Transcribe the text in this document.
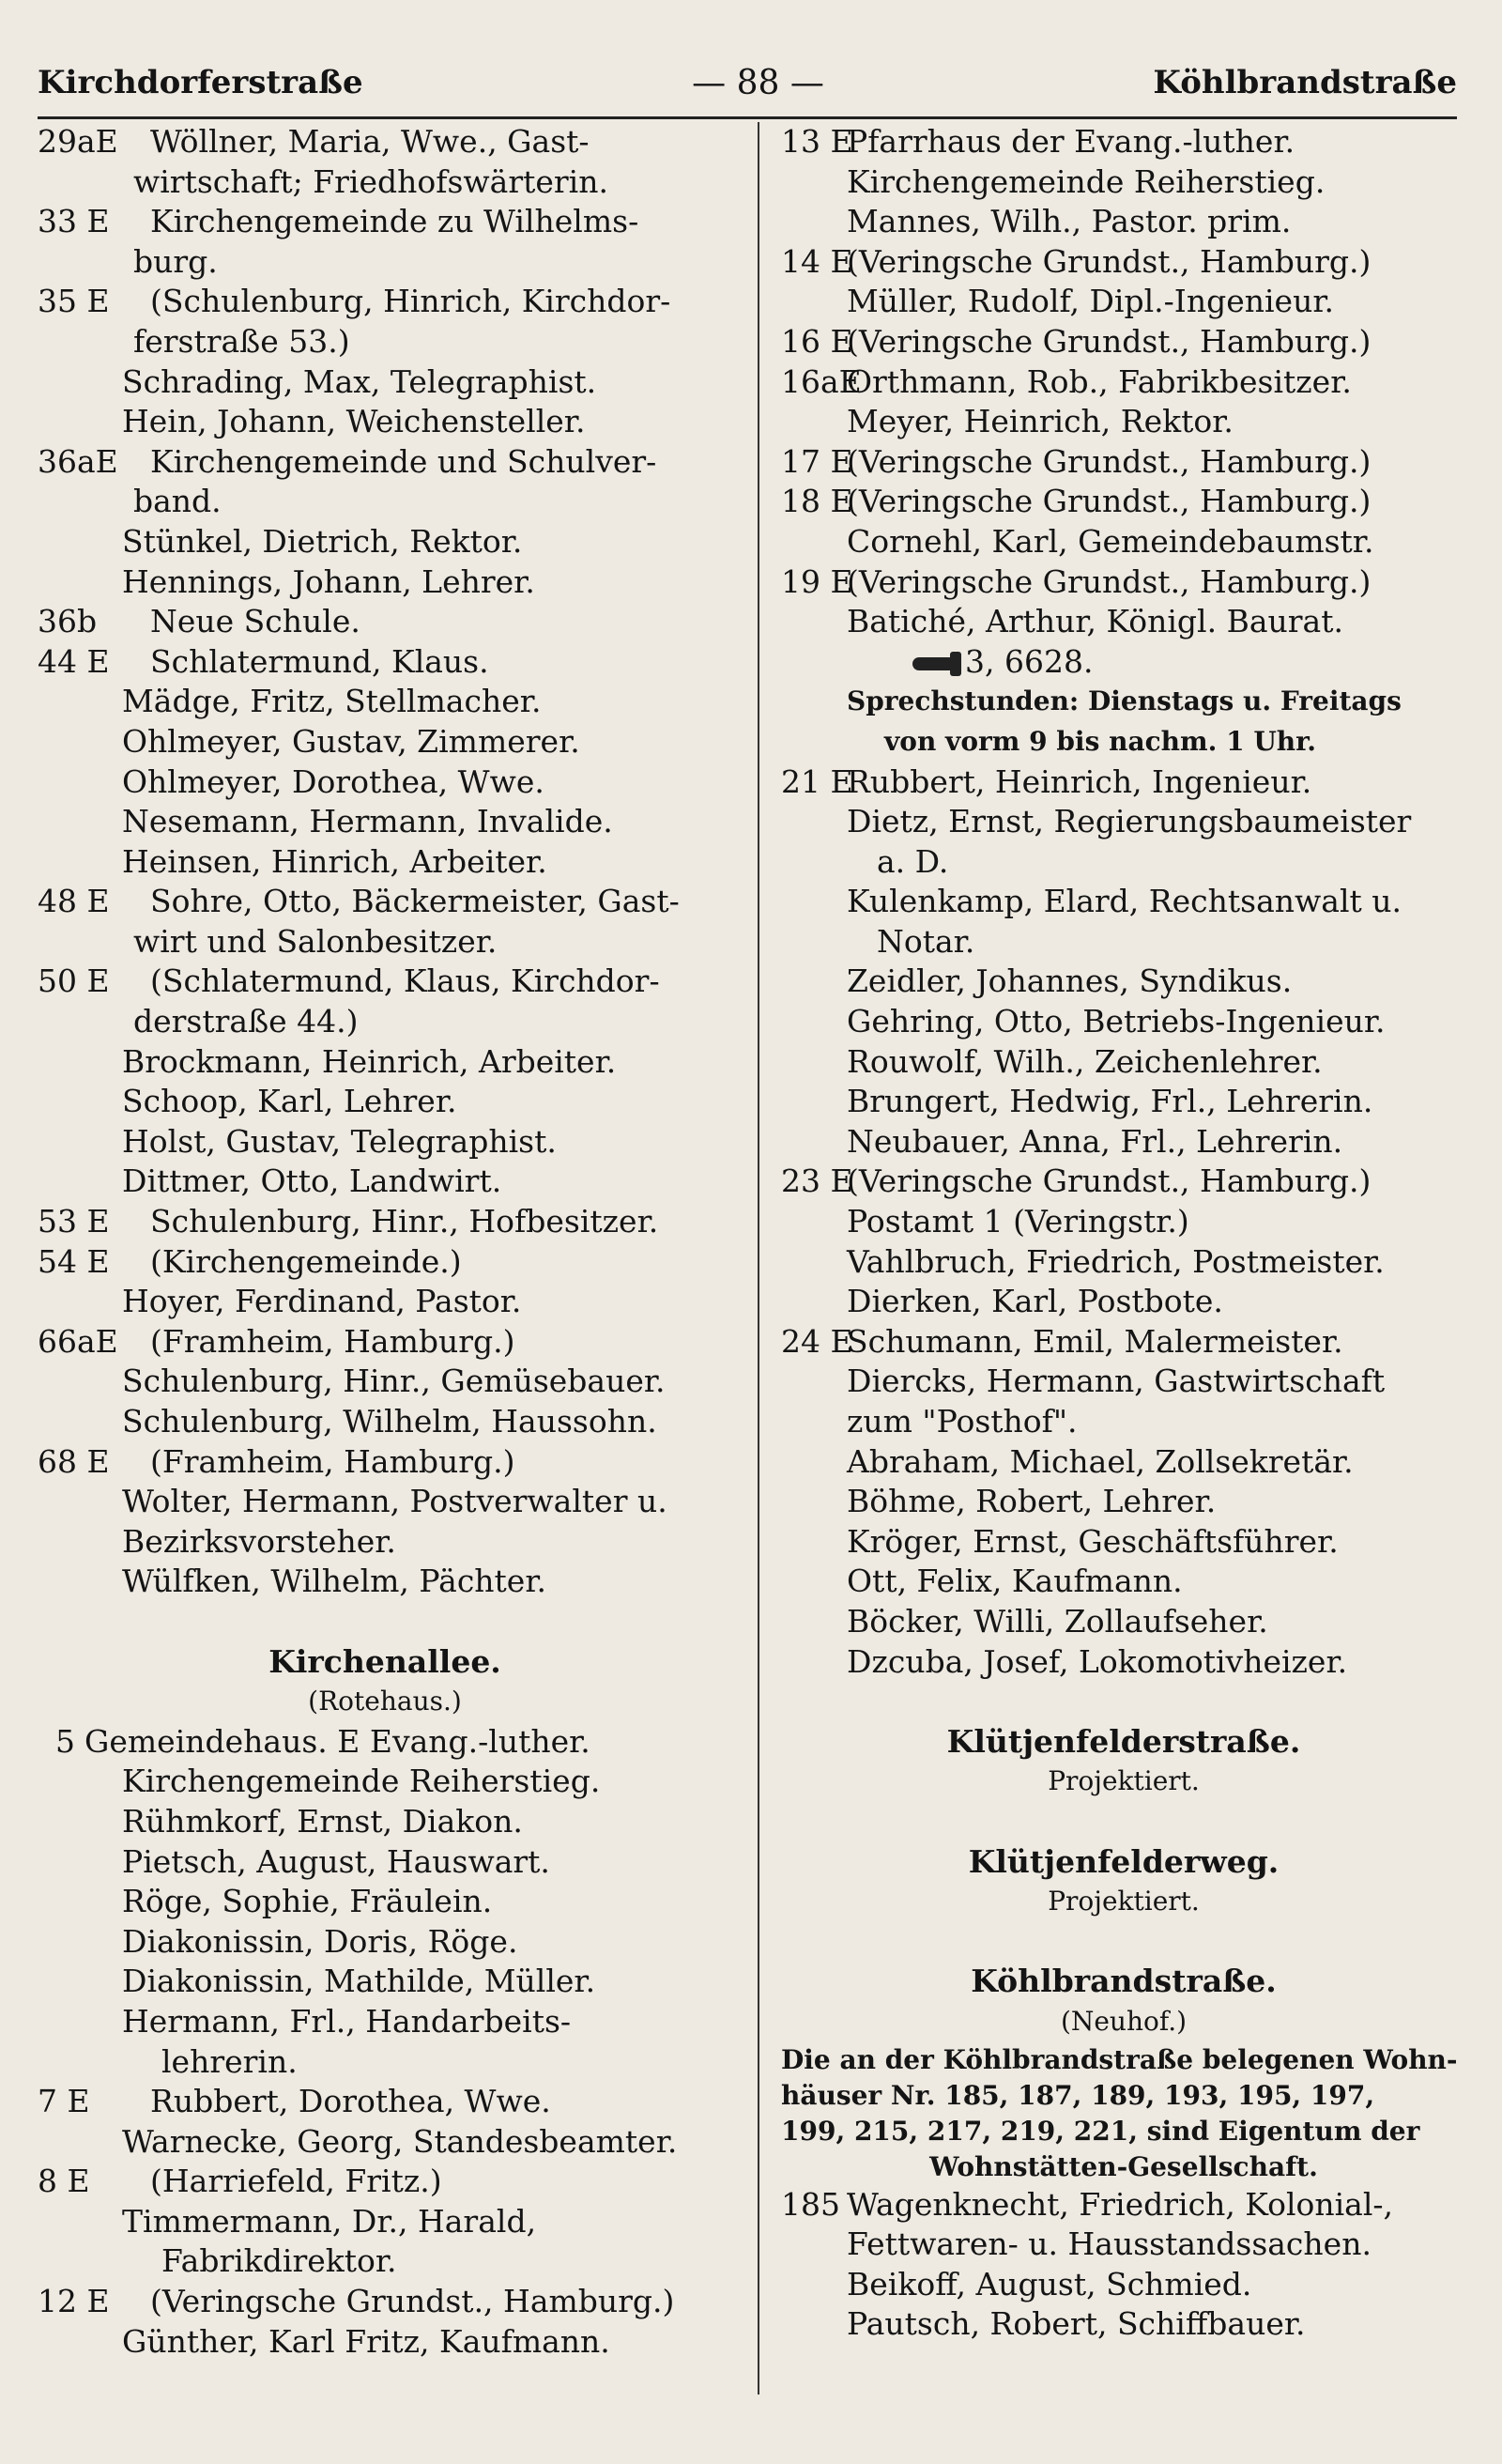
Kirchdorferstraße	— 88 —	Köhlbrandstraße
29aE Wöllner, Maria, Wwe., Gast-
wirtschaft; Friedhofswärterin.
33 E Kirchengemeinde zu Wilhelms-
burg.
35 E (Schulenburg, Hinrich, Kirchdor-
ferstraße 53.)
Schrading, Max, Telegraphist.
Hein, Johann, Weichensteller.
36aE Kirchengemeinde und Schulver-
band.
Stünkel, Dietrich, Rektor.
Hennings, Johann, Lehrer.
36b Neue Schule.
44 E Schlatermund, Klaus.
Mädge, Fritz, Stellmacher.
Ohlmeyer, Gustav, Zimmerer.
Ohlmeyer, Dorothea, Wwe.
Nesemann, Hermann, Invalide.
Heinsen, Hinrich, Arbeiter.
48 E Sohre, Otto, Bäckermeister, Gast-
wirt und Salonbesitzer.
50 E (Schlatermund, Klaus, Kirchdor-
derstraße 44.)
Brockmann, Heinrich, Arbeiter.
Schoop, Karl, Lehrer.
Holst, Gustav, Telegraphist.
Dittmer, Otto, Landwirt.
53 E Schulenburg, Hinr., Hofbesitzer.
54 E (Kirchengemeinde.)
Hoyer, Ferdinand, Pastor.
66aE (Framheim, Hamburg.)
Schulenburg, Hinr., Gemüsebauer.
Schulenburg, Wilhelm, Haussohn.
68 E (Framheim, Hamburg.)
Wolter, Hermann, Postverwalter u.
Bezirksvorsteher.
Wülfken, Wilhelm, Pächter.
Kirchenallee.
(Rotehaus.)
5 Gemeindehaus. E Evang.-luther.
Kirchengemeinde Reiherstieg.
Rühmkorf, Ernst, Diakon.
Pietsch, August, Hauswart.
Röge, Sophie, Fräulein.
Diakonissin, Doris, Röge.
Diakonissin, Mathilde, Müller.
Hermann, Frl., Handarbeits-
lehrerin.
7 E Rubbert, Dorothea, Wwe.
Warnecke, Georg, Standesbeamter.
8 E (Harriefeld, Fritz.)
Timmermann, Dr., Harald,
Fabrikdirektor.
12 E (Veringsche Grundst., Hamburg.)
Günther, Karl Fritz, Kaufmann.
13 EPfarrhaus der Evang.-luther.
Kirchengemeinde Reiherstieg.
Mannes, Wilh., Pastor. prim.
14 E(Veringsche Grundst., Hamburg.)
Müller, Rudolf, Dipl.-Ingenieur.
16 E(Veringsche Grundst., Hamburg.)
16aEOrthmann, Rob., Fabrikbesitzer.
Meyer, Heinrich, Rektor.
17 E(Veringsche Grundst., Hamburg.)
18 E(Veringsche Grundst., Hamburg.)
Cornehl, Karl, Gemeindebaumstr.
19 E(Veringsche Grundst., Hamburg.)
Batiché, Arthur, Königl. Baurat.
3, 6628.
Sprechstunden: Dienstags u. Freitags
von vorm 9 bis nachm. 1 Uhr.
21 ERubbert, Heinrich, Ingenieur.
Dietz, Ernst, Regierungsbaumeister
a. D.
Kulenkamp, Elard, Rechtsanwalt u.
Notar.
Zeidler, Johannes, Syndikus.
Gehring, Otto, Betriebs-Ingenieur.
Rouwolf, Wilh., Zeichenlehrer.
Brungert, Hedwig, Frl., Lehrerin.
Neubauer, Anna, Frl., Lehrerin.
23 E(Veringsche Grundst., Hamburg.)
Postamt 1 (Veringstr.)
Vahlbruch, Friedrich, Postmeister.
Dierken, Karl, Postbote.
24 ESchumann, Emil, Malermeister.
Diercks, Hermann, Gastwirtschaft
zum "Posthof".
Abraham, Michael, Zollsekretär.
Böhme, Robert, Lehrer.
Kröger, Ernst, Geschäftsführer.
Ott, Felix, Kaufmann.
Böcker, Willi, Zollaufseher.
Dzcuba, Josef, Lokomotivheizer.
Klütjenfelderstraße.
Projektiert.
Klütjenfelderweg.
Projektiert.
Köhlbrandstraße.
(Neuhof.)
Die an der Köhlbrandstraße belegenen Wohn-
häuser Nr. 185, 187, 189, 193, 195, 197,
199, 215, 217, 219, 221, sind Eigentum der
Wohnstätten-Gesellschaft.
185 Wagenknecht, Friedrich, Kolonial-,
Fettwaren- u. Hausstandssachen.
Beikoff, August, Schmied.
Pautsch, Robert, Schiffbauer.
